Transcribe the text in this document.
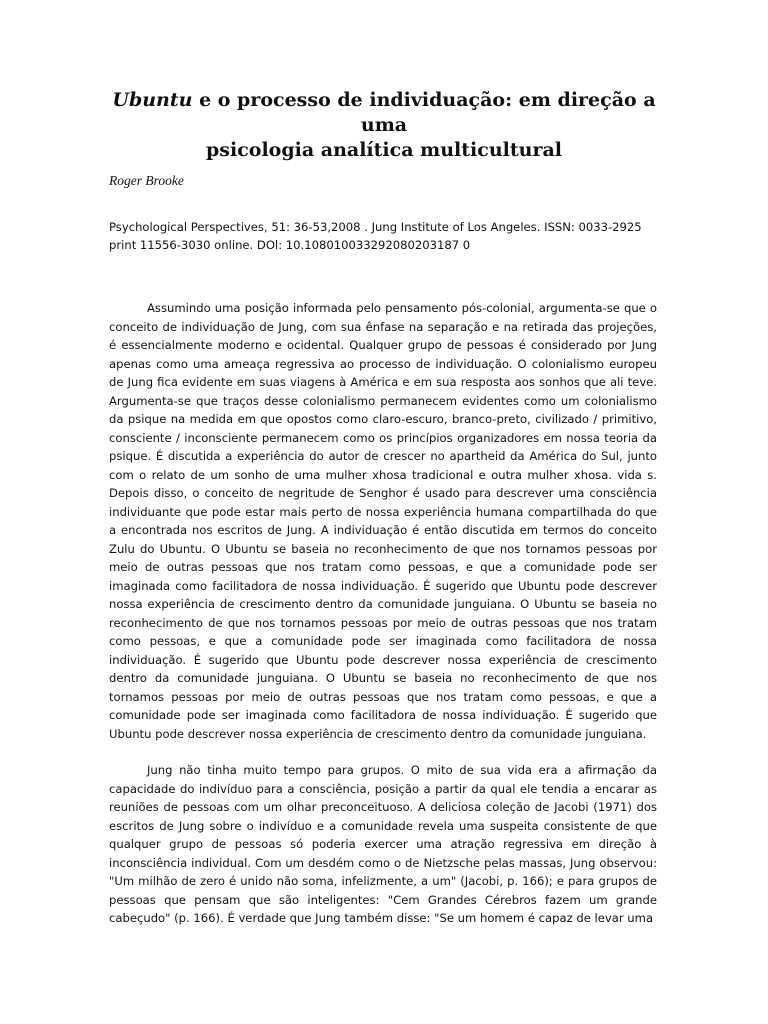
Ubuntu e o processo de individuação: em direção a uma
psicologia analítica multicultural
Roger Brooke
Psychological Perspectives, 51: 36-53,2008 . Jung Institute of Los Angeles. ISSN: 0033-2925
print 11556-3030 online. DOl: 10.108010033292080203187 0

Assumindo uma posição informada pelo pensamento pós-colonial, argumenta-se que o conceito de individuação de Jung, com sua ênfase na separação e na retirada das projeções, é essencialmente moderno e ocidental. Qualquer grupo de pessoas é considerado por Jung apenas como uma ameaça regressiva ao processo de individuação. O colonialismo europeu de Jung fica evidente em suas viagens à América e em sua resposta aos sonhos que ali teve. Argumenta-se que traços desse colonialismo permanecem evidentes como um colonialismo da psique na medida em que opostos como claro-escuro, branco-preto, civilizado / primitivo, consciente / inconsciente permanecem como os princípios organizadores em nossa teoria da psique. É discutida a experiência do autor de crescer no apartheid da América do Sul, junto com o relato de um sonho de uma mulher xhosa tradicional e outra mulher xhosa. vida s. Depois disso, o conceito de negritude de Senghor é usado para descrever uma consciência individuante que pode estar mais perto de nossa experiência humana compartilhada do que a encontrada nos escritos de Jung. A individuação é então discutida em termos do conceito Zulu do Ubuntu. O Ubuntu se baseia no reconhecimento de que nos tornamos pessoas por meio de outras pessoas que nos tratam como pessoas, e que a comunidade pode ser imaginada como facilitadora de nossa individuação. É sugerido que Ubuntu pode descrever nossa experiência de crescimento dentro da comunidade junguiana. O Ubuntu se baseia no reconhecimento de que nos tornamos pessoas por meio de outras pessoas que nos tratam como pessoas, e que a comunidade pode ser imaginada como facilitadora de nossa individuação. É sugerido que Ubuntu pode descrever nossa experiência de crescimento dentro da comunidade junguiana. O Ubuntu se baseia no reconhecimento de que nos tornamos pessoas por meio de outras pessoas que nos tratam como pessoas, e que a comunidade pode ser imaginada como facilitadora de nossa individuação. É sugerido que Ubuntu pode descrever nossa experiência de crescimento dentro da comunidade junguiana.

Jung não tinha muito tempo para grupos. O mito de sua vida era a afirmação da capacidade do indivíduo para a consciência, posição a partir da qual ele tendia a encarar as reuniões de pessoas com um olhar preconceituoso. A deliciosa coleção de Jacobi (1971) dos escritos de Jung sobre o indivíduo e a comunidade revela uma suspeita consistente de que qualquer grupo de pessoas só poderia exercer uma atração regressiva em direção à inconsciência individual. Com um desdém como o de Nietzsche pelas massas, Jung observou: "Um milhão de zero é unido não soma, infelizmente, a um" (Jacobi, p. 166); e para grupos de pessoas que pensam que são inteligentes: "Cem Grandes Cérebros fazem um grande cabeçudo" (p. 166). É verdade que Jung também disse: "Se um homem é capaz de levar uma
